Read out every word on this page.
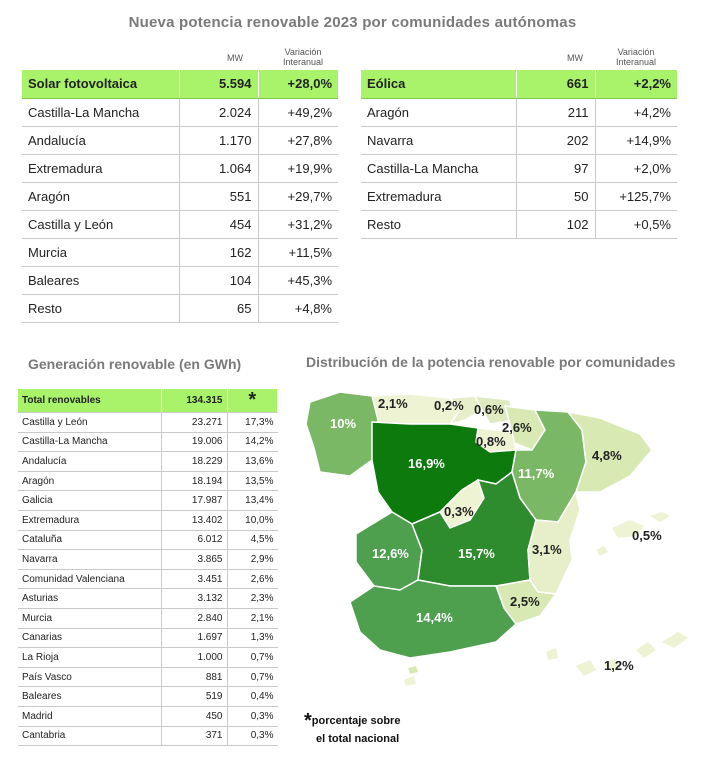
Nueva potencia renovable 2023 por comunidades autónomas
MW
Variación Interanual
Solar fotovoltaica	5.594	+28,0%
Castilla-La Mancha	2.024	+49,2%
Andalucía	1.170	+27,8%
Extremadura	1.064	+19,9%
Aragón	551	+29,7%
Castilla y León	454	+31,2%
Murcia	162	+11,5%
Baleares	104	+45,3%
Resto	65	+4,8%
MW
Variación Interanual
Eólica	661	+2,2%
Aragón	211	+4,2%
Navarra	202	+14,9%
Castilla-La Mancha	97	+2,0%
Extremadura	50	+125,7%
Resto	102	+0,5%
Generación renovable (en GWh)	Distribución de la potencia renovable por comunidades
Total renovables	134.315	*
Castilla y León	23.271	17,3%
Castilla-La Mancha	19.006	14,2%
Andalucía	18.229	13,6%
Aragón	18.194	13,5%
Galicia	17.987	13,4%
Extremadura	13.402	10,0%
Cataluña	6.012	4,5%
Navarra	3.865	2,9%
Comunidad Valenciana	3.451	2,6%
Asturias	3.132	2,3%
Murcia	2.840	2,1%
Canarias	1.697	1,3%
La Rioja	1.000	0,7%
País Vasco	881	0,7%
Baleares	519	0,4%
Madrid	450	0,3%
Cantabria	371	0,3%
*porcentaje sobre
el total nacional
10%
2,1% 0,2% 0,6%
2,6%
0,8%
16,9%
11,7%
4,8%
0,3%
12,6%	15,7%	3,1%
0,5%
2,5%
14,4%
1,2%
